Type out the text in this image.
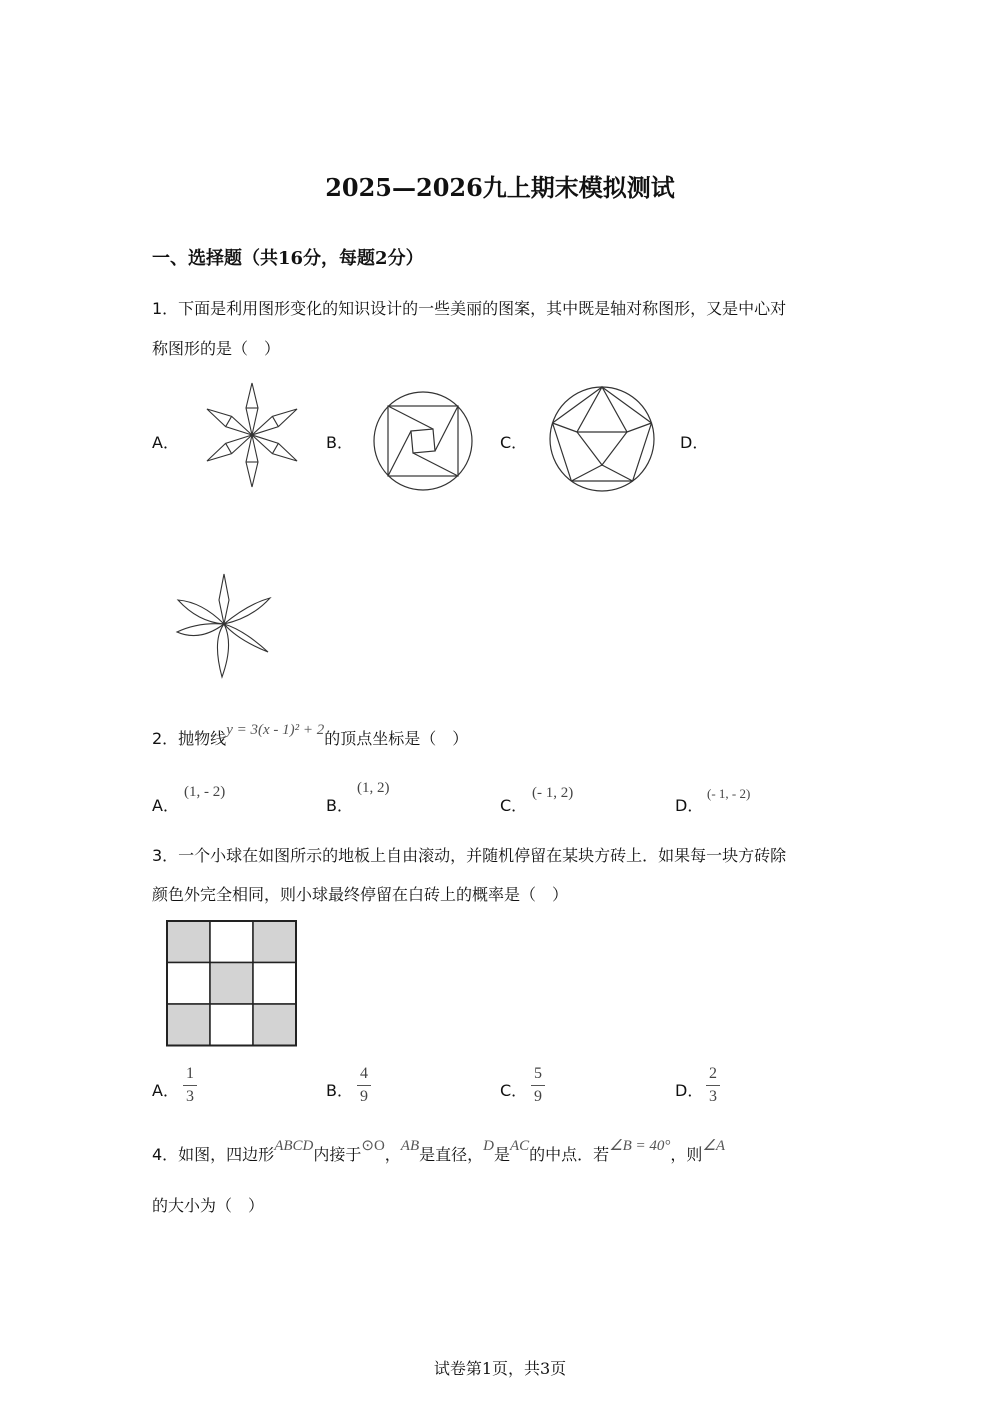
2025—2026九上期末模拟测试
一、选择题（共16分，每题2分）
1．下面是利用图形变化的知识设计的一些美丽的图案，其中既是轴对称图形，又是中心对
称图形的是（　）
A．	B．	C．	D．
2．抛物线y = 3(x - 1)² + 2的顶点坐标是（　）
A．
(1, - 2)
B．
(1, 2)
C．
(- 1, 2)
D．
(- 1, - 2)
3．一个小球在如图所示的地板上自由滚动，并随机停留在某块方砖上．如果每一块方砖除
颜色外完全相同，则小球最终停留在白砖上的概率是（　）
A．
1
3	B．
4
9	C．
5
9	D．
2
3
4．如图，四边形ABCD内接于⊙O，AB是直径，D是AC的中点．若∠B = 40°，则∠A
的大小为（　）
试卷第1页，共3页
